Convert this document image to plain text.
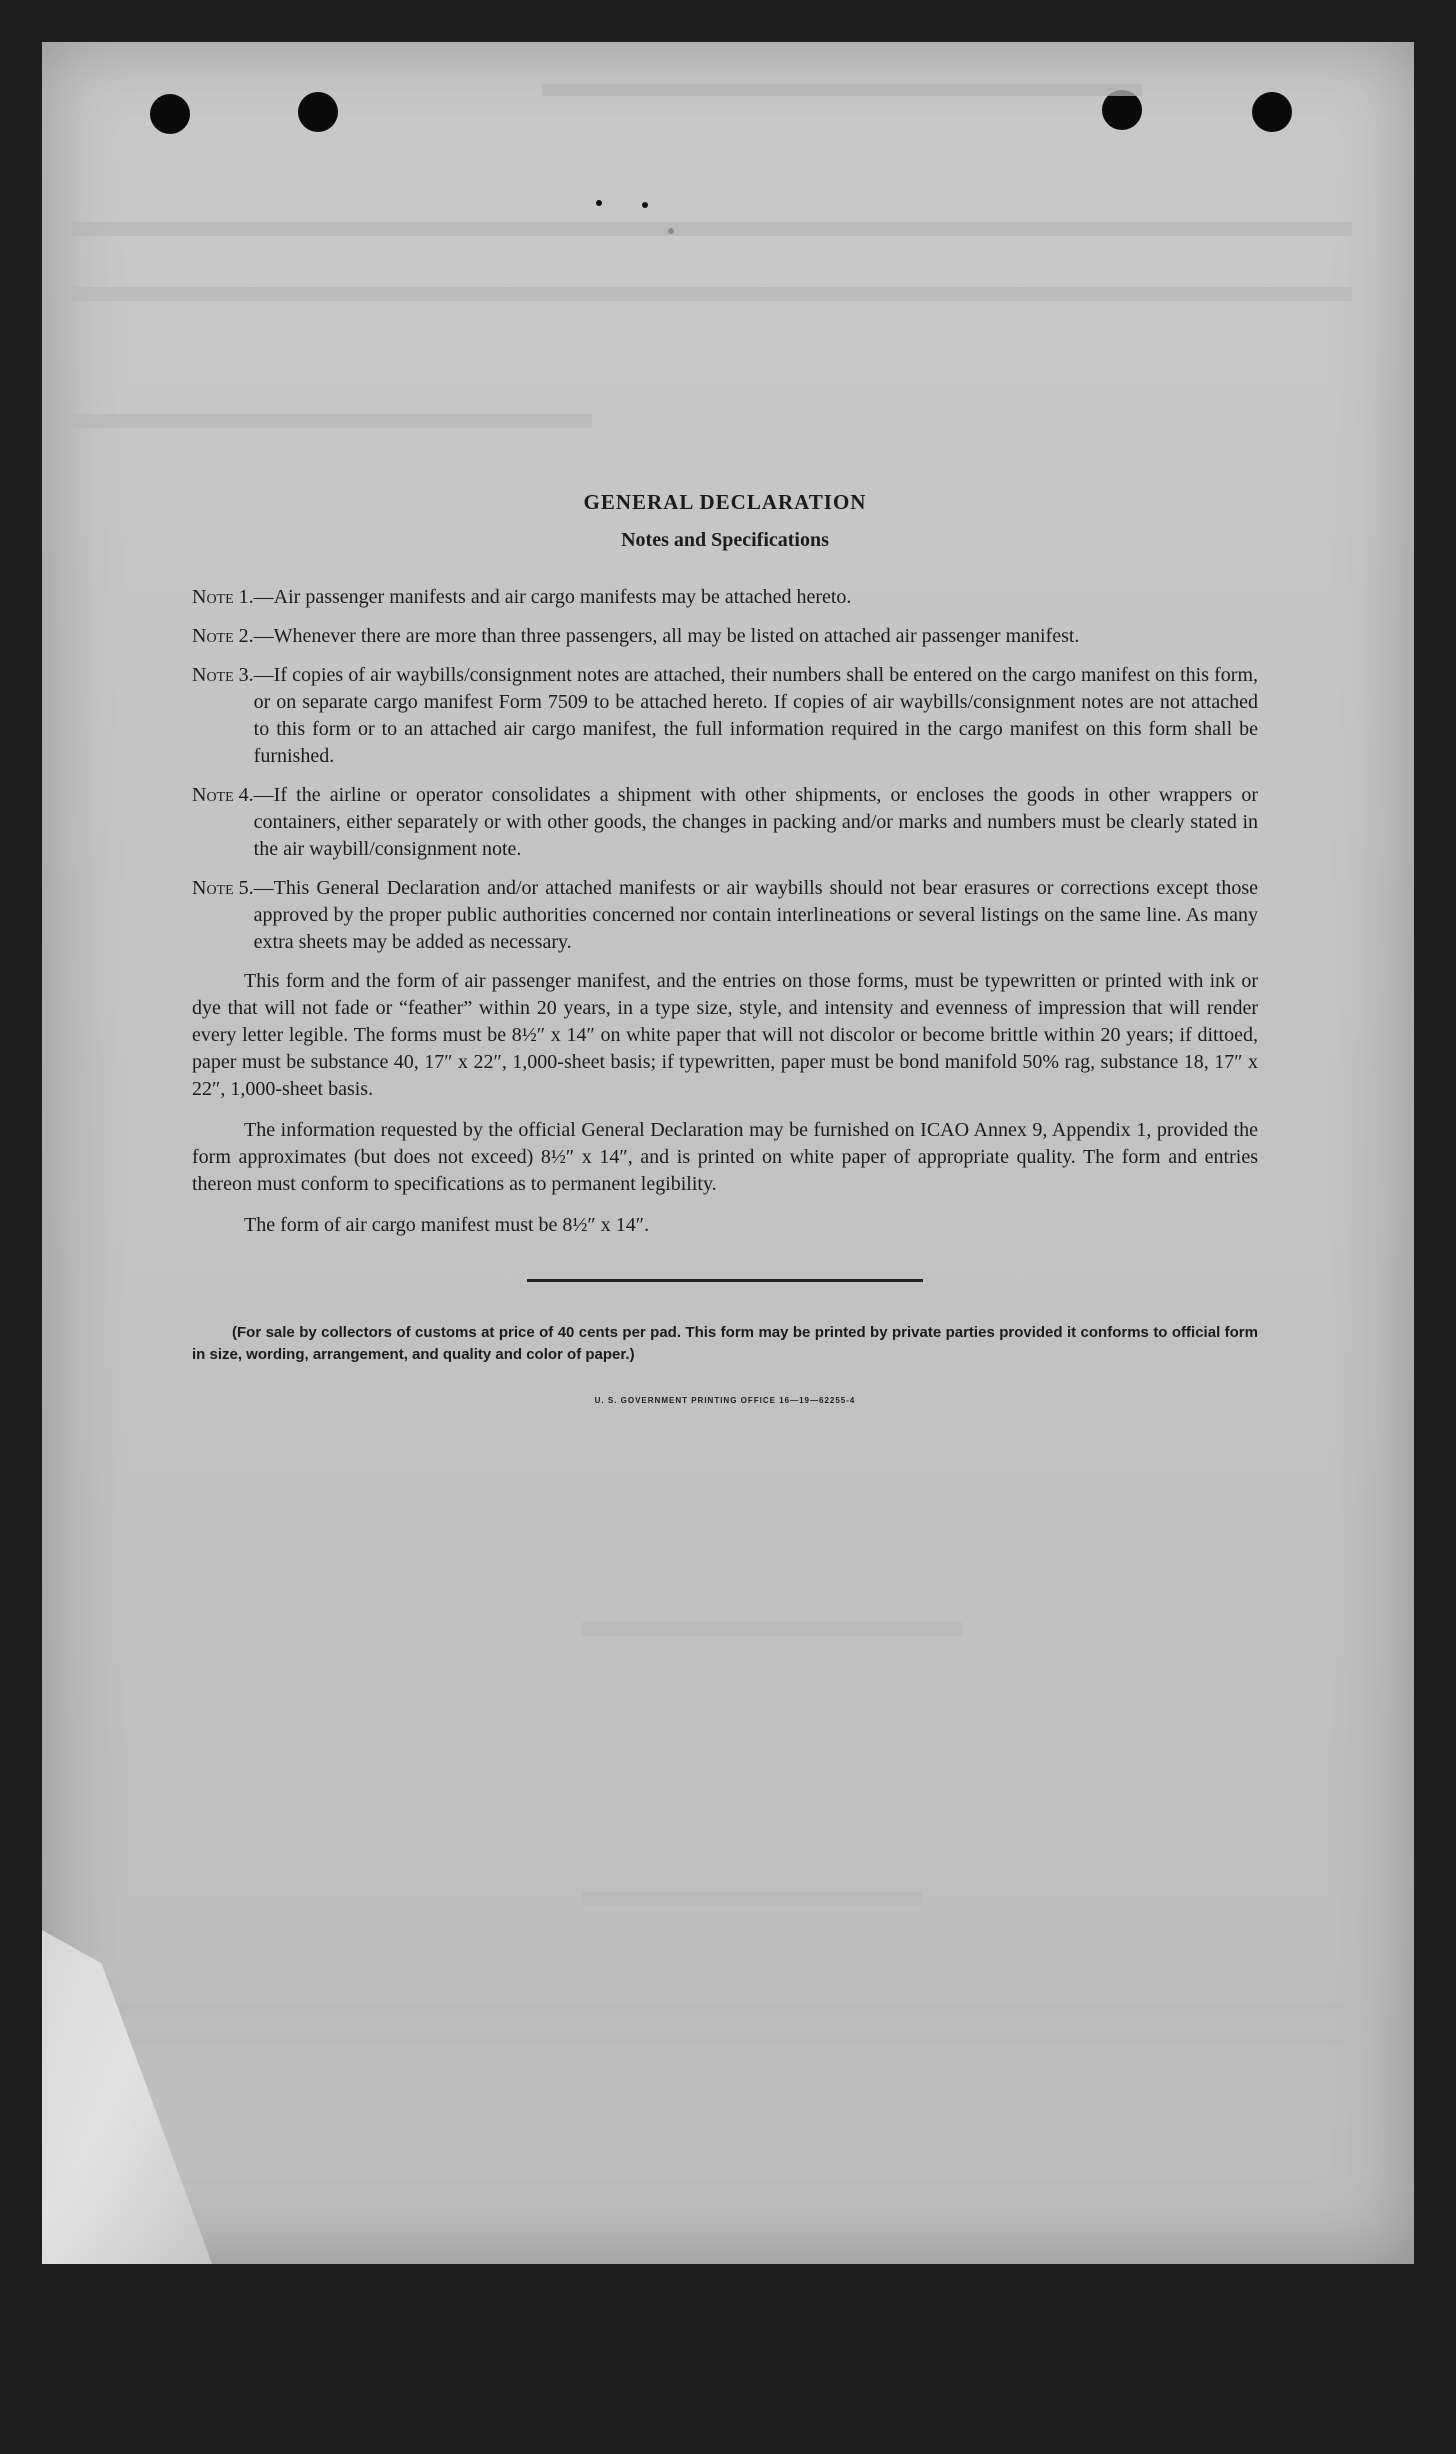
GENERAL DECLARATION
Notes and Specifications
Note 1. —Air passenger manifests and air cargo manifests may be attached hereto.
Note 2. —Whenever there are more than three passengers, all may be listed on attached air passenger manifest.
Note 3. —If copies of air waybills/consignment notes are attached, their numbers shall be entered on the cargo manifest on this form, or on separate cargo manifest Form 7509 to be attached hereto. If copies of air waybills/consignment notes are not attached to this form or to an attached air cargo manifest, the full information required in the cargo manifest on this form shall be furnished.
Note 4. —If the airline or operator consolidates a shipment with other shipments, or encloses the goods in other wrappers or containers, either separately or with other goods, the changes in packing and/or marks and numbers must be clearly stated in the air waybill/consignment note.
Note 5. —This General Declaration and/or attached manifests or air waybills should not bear erasures or corrections except those approved by the proper public authorities concerned nor contain interlineations or several listings on the same line. As many extra sheets may be added as necessary.

This form and the form of air passenger manifest, and the entries on those forms, must be typewritten or printed with ink or dye that will not fade or “feather” within 20 years, in a type size, style, and intensity and evenness of impression that will render every letter legible. The forms must be 8½″ x 14″ on white paper that will not discolor or become brittle within 20 years; if dittoed, paper must be substance 40, 17″ x 22″, 1,000-sheet basis; if typewritten, paper must be bond manifold 50% rag, substance 18, 17″ x 22″, 1,000-sheet basis.

The information requested by the official General Declaration may be furnished on ICAO Annex 9, Appendix 1, provided the form approximates (but does not exceed) 8½″ x 14″, and is printed on white paper of appropriate quality. The form and entries thereon must conform to specifications as to permanent legibility.

The form of air cargo manifest must be 8½″ x 14″.

(For sale by collectors of customs at price of 40 cents per pad. This form may be printed by private parties provided it conforms to official form in size, wording, arrangement, and quality and color of paper.)

U. S. GOVERNMENT PRINTING OFFICE 16—19—62255-4
